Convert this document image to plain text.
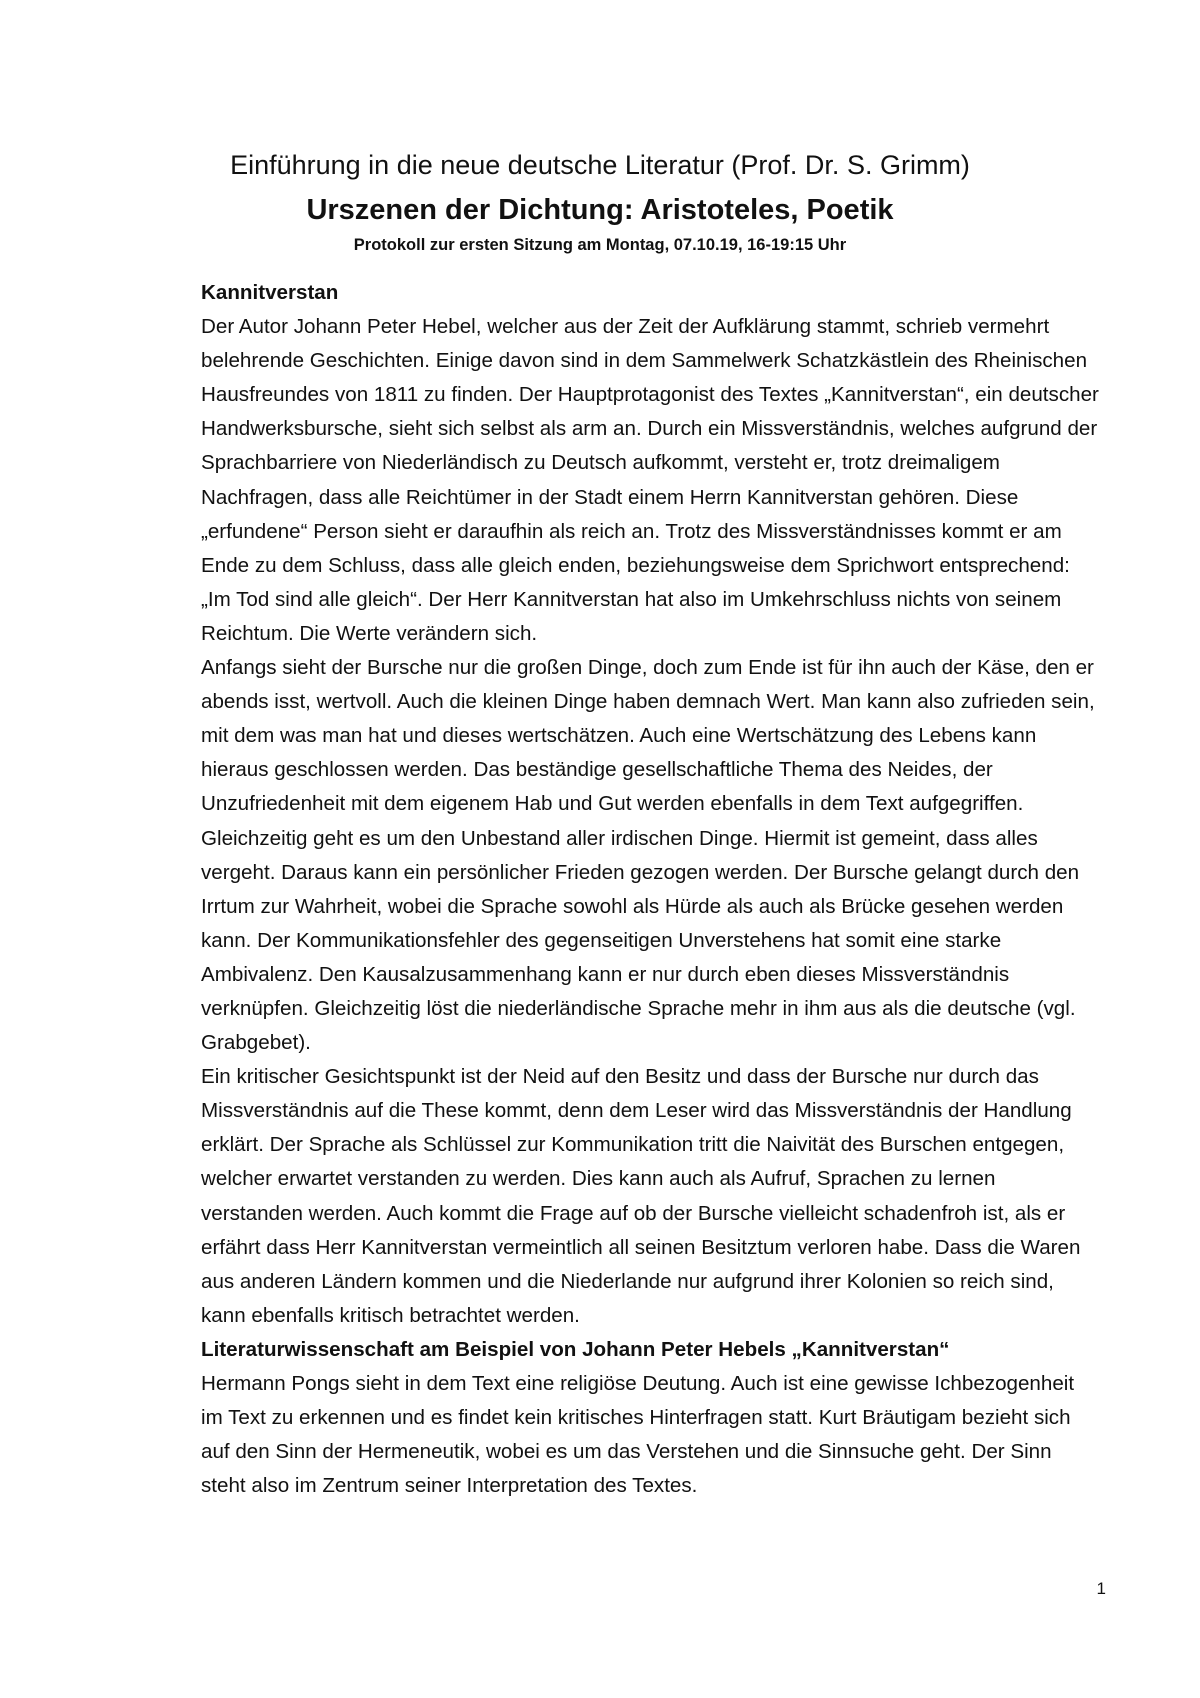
Einführung in die neue deutsche Literatur (Prof. Dr. S. Grimm)
Urszenen der Dichtung: Aristoteles, Poetik
Protokoll zur ersten Sitzung am Montag, 07.10.19, 16-19:15 Uhr
Kannitverstan

Der Autor Johann Peter Hebel, welcher aus der Zeit der Aufklärung stammt, schrieb vermehrt belehrende Geschichten. Einige davon sind in dem Sammelwerk Schatzkästlein des Rheinischen Hausfreundes von 1811 zu finden. Der Hauptprotagonist des Textes „Kannitverstan“, ein deutscher Handwerksbursche, sieht sich selbst als arm an. Durch ein Missverständnis, welches aufgrund der Sprachbarriere von Niederländisch zu Deutsch aufkommt, versteht er, trotz dreimaligem Nachfragen, dass alle Reichtümer in der Stadt einem Herrn Kannitverstan gehören. Diese „erfundene“ Person sieht er daraufhin als reich an. Trotz des Missverständnisses kommt er am Ende zu dem Schluss, dass alle gleich enden, beziehungsweise dem Sprichwort entsprechend: „Im Tod sind alle gleich“. Der Herr Kannitverstan hat also im Umkehrschluss nichts von seinem Reichtum. Die Werte verändern sich.

Anfangs sieht der Bursche nur die großen Dinge, doch zum Ende ist für ihn auch der Käse, den er abends isst, wertvoll. Auch die kleinen Dinge haben demnach Wert. Man kann also zufrieden sein, mit dem was man hat und dieses wertschätzen. Auch eine Wertschätzung des Lebens kann hieraus geschlossen werden. Das beständige gesellschaftliche Thema des Neides, der Unzufriedenheit mit dem eigenem Hab und Gut werden ebenfalls in dem Text aufgegriffen. Gleichzeitig geht es um den Unbestand aller irdischen Dinge. Hiermit ist gemeint, dass alles vergeht. Daraus kann ein persönlicher Frieden gezogen werden. Der Bursche gelangt durch den Irrtum zur Wahrheit, wobei die Sprache sowohl als Hürde als auch als Brücke gesehen werden kann. Der Kommunikationsfehler des gegenseitigen Unverstehens hat somit eine starke Ambivalenz. Den Kausalzusammenhang kann er nur durch eben dieses Missverständnis verknüpfen. Gleichzeitig löst die niederländische Sprache mehr in ihm aus als die deutsche (vgl. Grabgebet).

Ein kritischer Gesichtspunkt ist der Neid auf den Besitz und dass der Bursche nur durch das Missverständnis auf die These kommt, denn dem Leser wird das Missverständnis der Handlung erklärt. Der Sprache als Schlüssel zur Kommunikation tritt die Naivität des Burschen entgegen, welcher erwartet verstanden zu werden. Dies kann auch als Aufruf, Sprachen zu lernen verstanden werden. Auch kommt die Frage auf ob der Bursche vielleicht schadenfroh ist, als er erfährt dass Herr Kannitverstan vermeintlich all seinen Besitztum verloren habe. Dass die Waren aus anderen Ländern kommen und die Niederlande nur aufgrund ihrer Kolonien so reich sind, kann ebenfalls kritisch betrachtet werden.

Literaturwissenschaft am Beispiel von Johann Peter Hebels „Kannitverstan“

Hermann Pongs sieht in dem Text eine religiöse Deutung. Auch ist eine gewisse Ichbezogenheit im Text zu erkennen und es findet kein kritisches Hinterfragen statt. Kurt Bräutigam bezieht sich auf den Sinn der Hermeneutik, wobei es um das Verstehen und die Sinnsuche geht. Der Sinn steht also im Zentrum seiner Interpretation des Textes.

1
